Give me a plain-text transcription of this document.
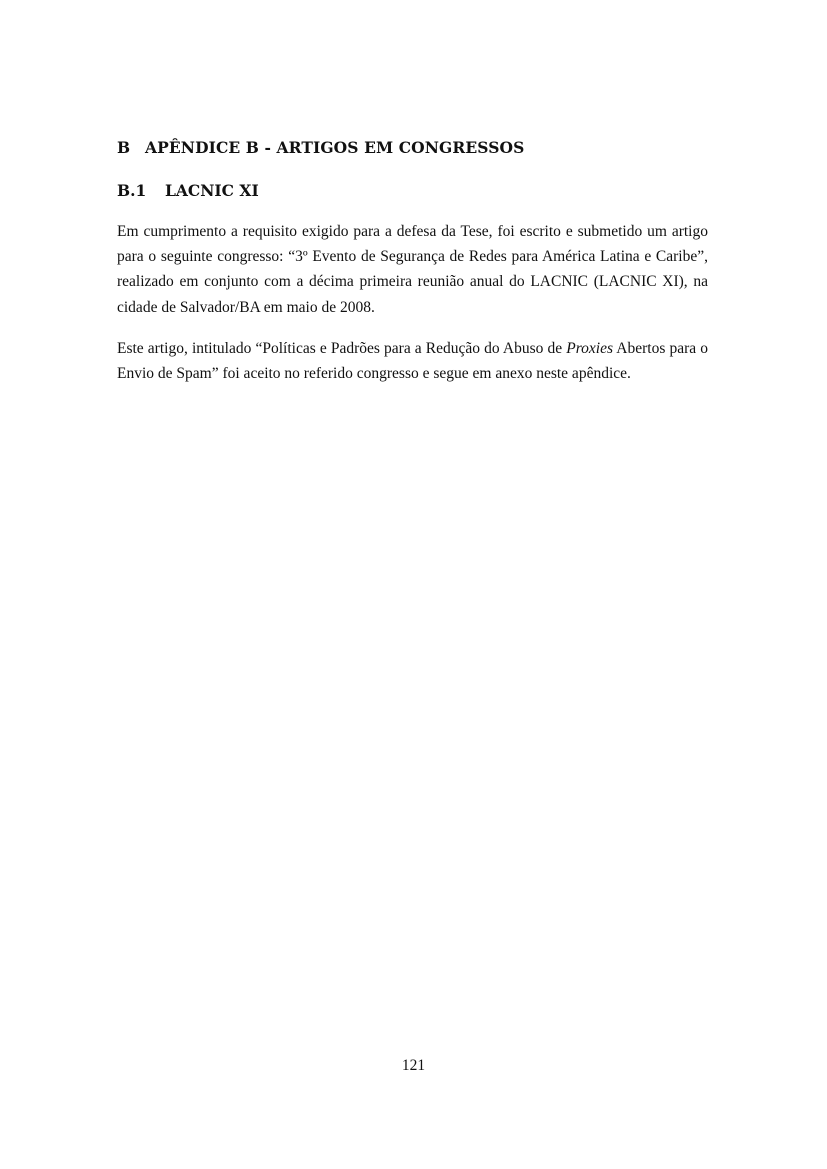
B APÊNDICE B - ARTIGOS EM CONGRESSOS
B.1 LACNIC XI

Em cumprimento a requisito exigido para a defesa da Tese, foi escrito e submetido um artigo para o seguinte congresso: “3º Evento de Segurança de Redes para América Latina e Caribe”, realizado em conjunto com a décima primeira reunião anual do LACNIC (LACNIC XI), na cidade de Salvador/BA em maio de 2008.

Este artigo, intitulado “Políticas e Padrões para a Redução do Abuso de Proxies Abertos para o Envio de Spam” foi aceito no referido congresso e segue em anexo neste apêndice.

121
